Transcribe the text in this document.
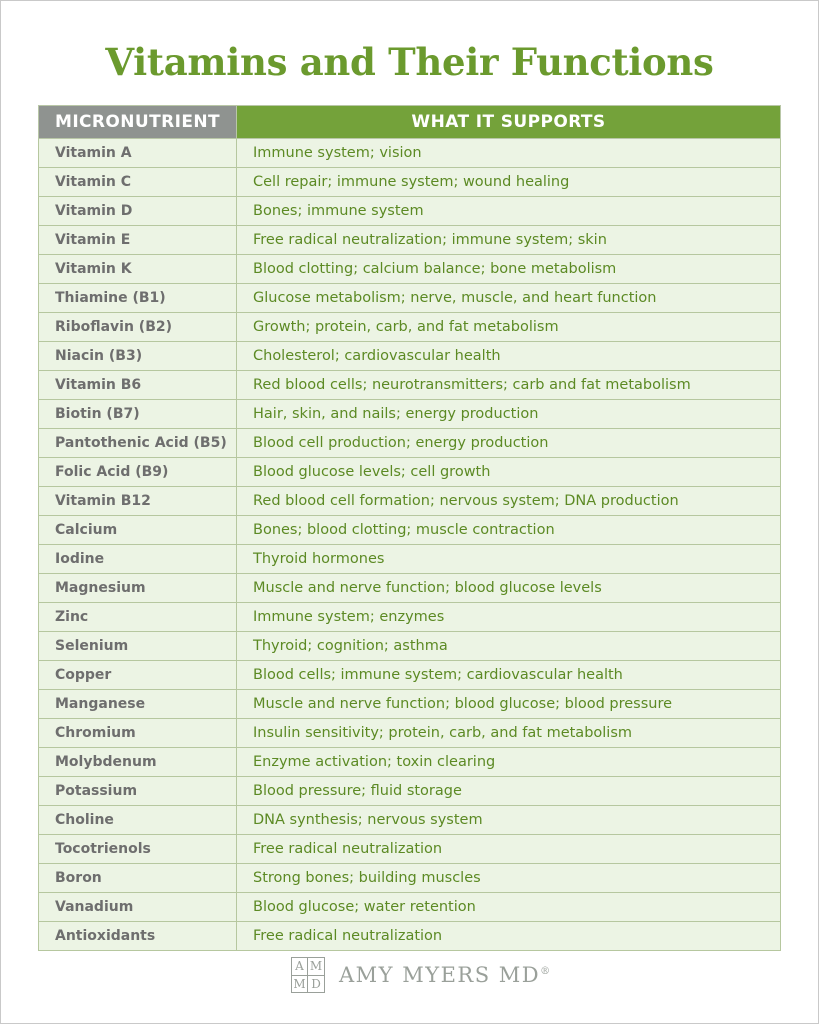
Vitamins and Their Functions
MICRONUTRIENT	WHAT IT SUPPORTS
Vitamin A	Immune system; vision
Vitamin C	Cell repair; immune system; wound healing
Vitamin D	Bones; immune system
Vitamin E	Free radical neutralization; immune system; skin
Vitamin K	Blood clotting; calcium balance; bone metabolism
Thiamine (B1)	Glucose metabolism; nerve, muscle, and heart function
Riboflavin (B2)	Growth; protein, carb, and fat metabolism
Niacin (B3)	Cholesterol; cardiovascular health
Vitamin B6	Red blood cells; neurotransmitters; carb and fat metabolism
Biotin (B7)	Hair, skin, and nails; energy production
Pantothenic Acid (B5)	Blood cell production; energy production
Folic Acid (B9)	Blood glucose levels; cell growth
Vitamin B12	Red blood cell formation; nervous system; DNA production
Calcium	Bones; blood clotting; muscle contraction
Iodine	Thyroid hormones
Magnesium	Muscle and nerve function; blood glucose levels
Zinc	Immune system; enzymes
Selenium	Thyroid; cognition; asthma
Copper	Blood cells; immune system; cardiovascular health
Manganese	Muscle and nerve function; blood glucose; blood pressure
Chromium	Insulin sensitivity; protein, carb, and fat metabolism
Molybdenum	Enzyme activation; toxin clearing
Potassium	Blood pressure; fluid storage
Choline	DNA synthesis; nervous system
Tocotrienols	Free radical neutralization
Boron	Strong bones; building muscles
Vanadium	Blood glucose; water retention
Antioxidants	Free radical neutralization
A M
M D AMY MYERS MD®
